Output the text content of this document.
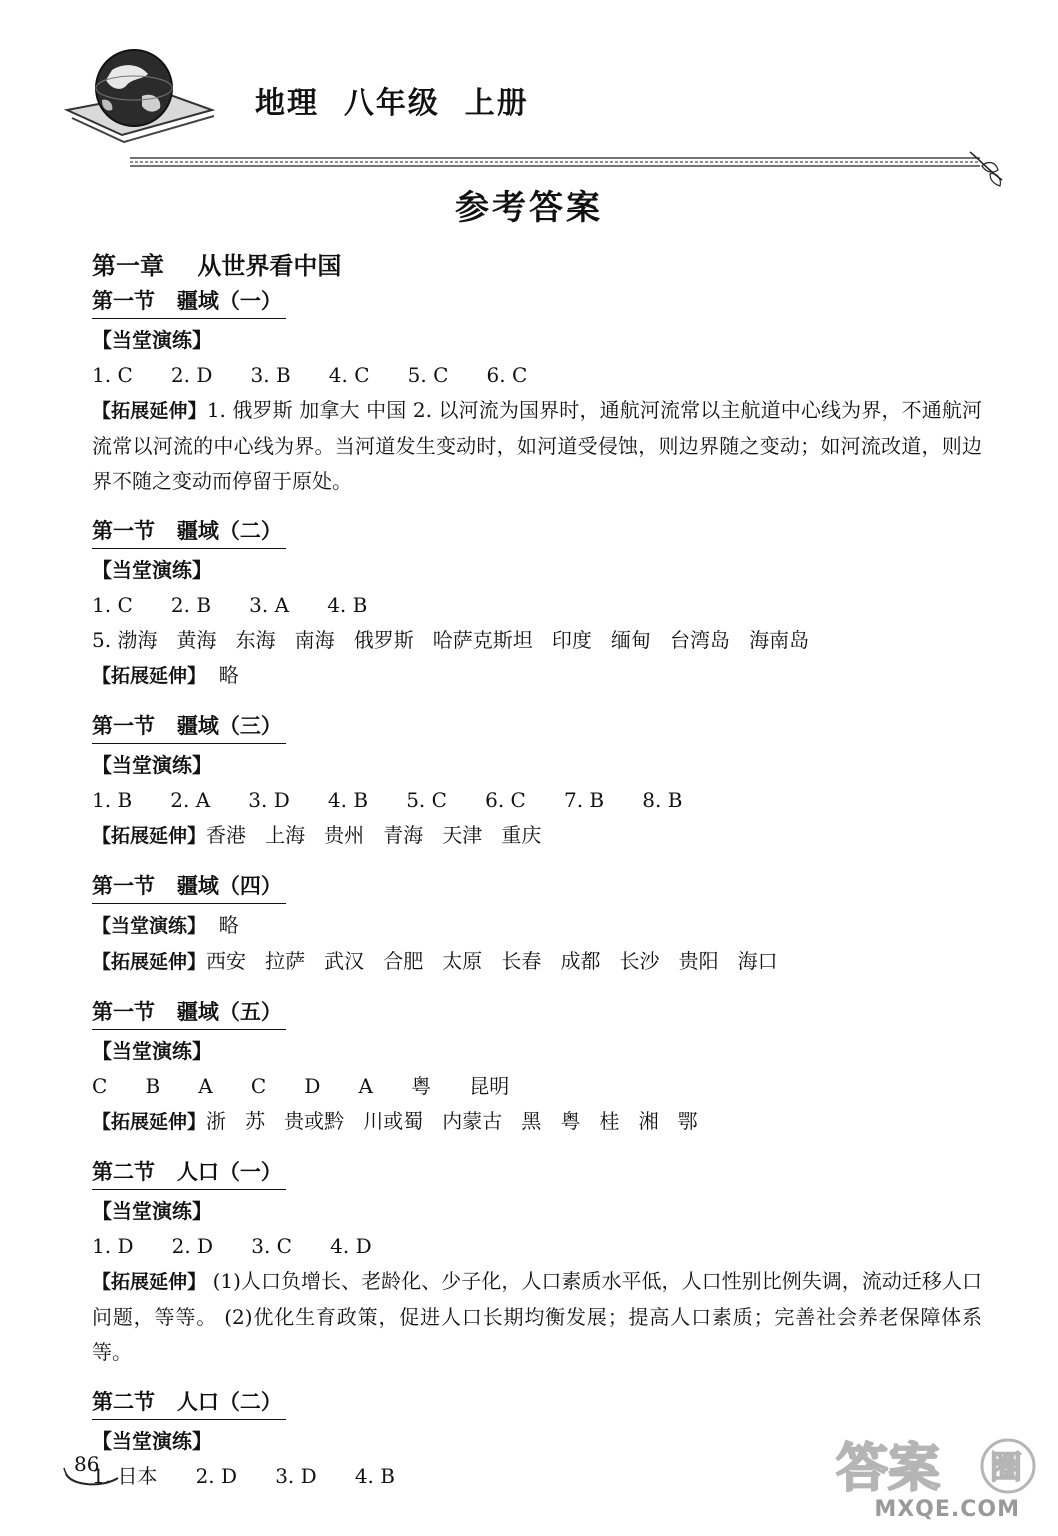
地理  八年级  上册
参考答案
第一章    从世界看中国
第一节   疆域（一）
【当堂演练】
1. C      2. D      3. B      4. C      5. C      6. C
【拓展延伸】1. 俄罗斯 加拿大 中国 2. 以河流为国界时，通航河流常以主航道中心线为界，不通航河流常以河流的中心线为界。当河道发生变动时，如河道受侵蚀，则边界随之变动；如河流改道，则边界不随之变动而停留于原处。
第一节   疆域（二）
【当堂演练】
1. C      2. B      3. A      4. B
5. 渤海   黄海   东海   南海   俄罗斯   哈萨克斯坦   印度   缅甸   台湾岛   海南岛
【拓展延伸】  略
第一节   疆域（三）
【当堂演练】
1. B      2. A      3. D      4. B      5. C      6. C      7. B      8. B
【拓展延伸】香港   上海   贵州   青海   天津   重庆
第一节   疆域（四）
【当堂演练】  略
【拓展延伸】西安   拉萨   武汉   合肥   太原   长春   成都   长沙   贵阳   海口
第一节   疆域（五）
【当堂演练】
C      B      A      C      D      A      粤      昆明
【拓展延伸】浙   苏   贵或黔   川或蜀   内蒙古   黑   粤   桂   湘   鄂
第二节   人口（一）
【当堂演练】
1. D      2. D      3. C      4. D
【拓展延伸】 (1)人口负增长、老龄化、少子化，人口素质水平低，人口性别比例失调，流动迁移人口问题，等等。 (2)优化生育政策，促进人口长期均衡发展；提高人口素质；完善社会养老保障体系等。
第二节   人口（二）
【当堂演练】
1. 日本      2. D      3. D      4. B
86	答案 圈
MXQE.COM
